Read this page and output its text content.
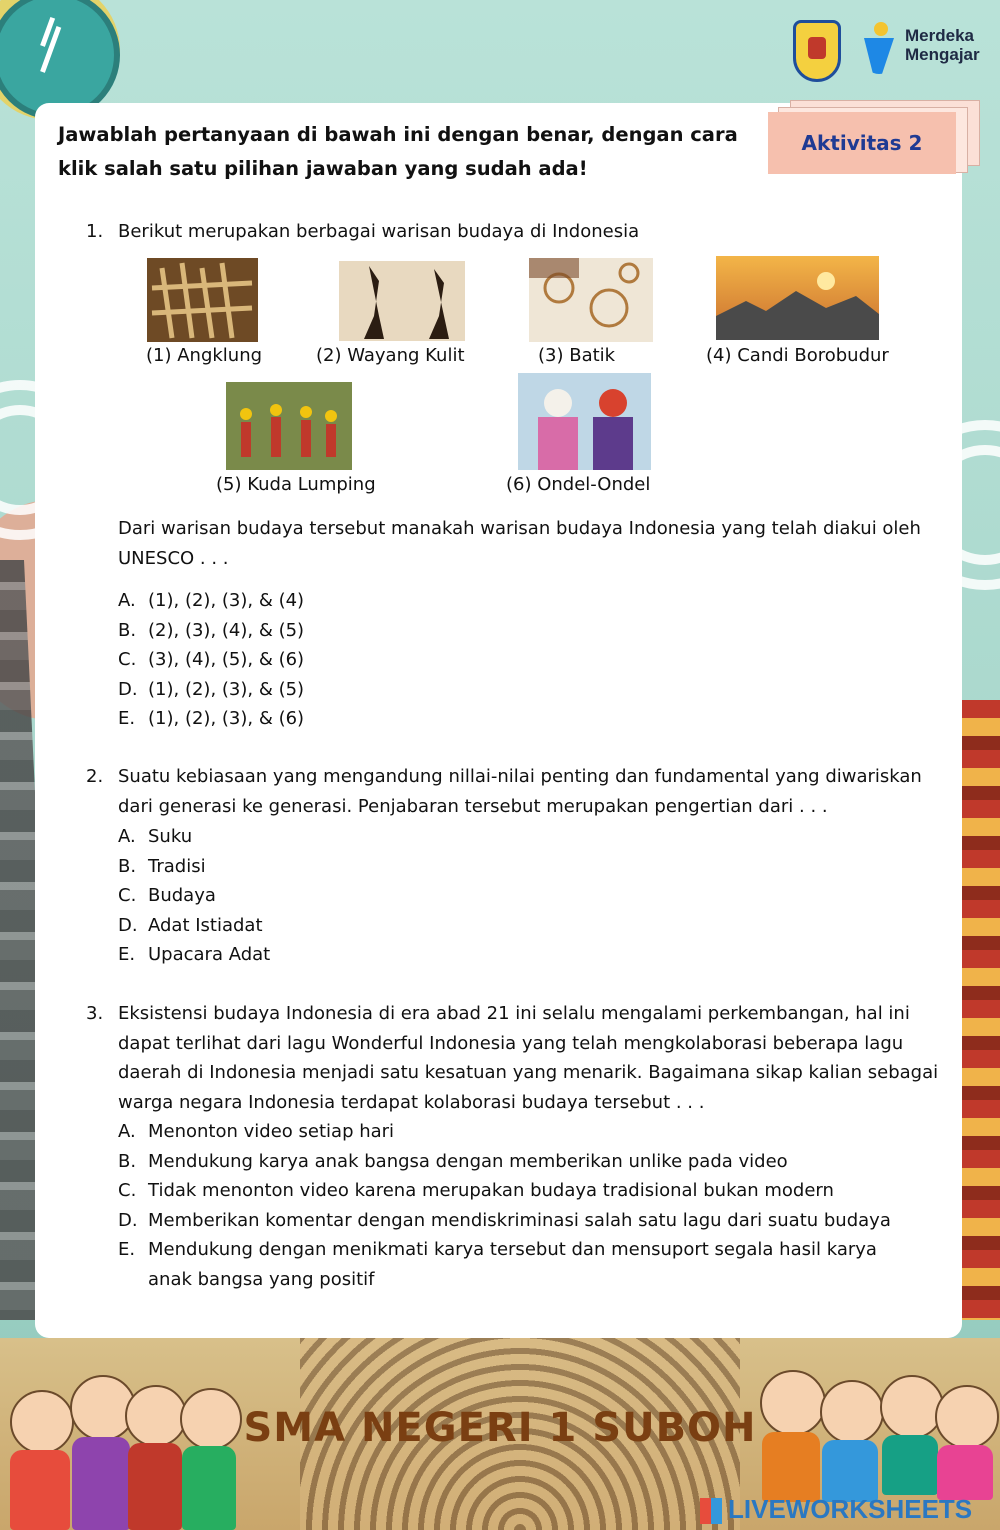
Merdeka
Mengajar
Aktivitas 2
Jawablah pertanyaan di bawah ini dengan benar, dengan cara klik salah satu pilihan jawaban yang sudah ada!
1. Berikut merupakan berbagai warisan budaya di Indonesia
(1) Angklung	(2) Wayang Kulit	(3) Batik	(4) Candi Borobudur
(5) Kuda Lumping	(6) Ondel-Ondel
Dari warisan budaya tersebut manakah warisan budaya Indonesia yang telah diakui oleh UNESCO . . .
A. (1), (2), (3), & (4)
B. (2), (3), (4), & (5)
C. (3), (4), (5), & (6)
D. (1), (2), (3), & (5)
E. (1), (2), (3), & (6)
2. Suatu kebiasaan yang mengandung nillai-nilai penting dan fundamental yang diwariskan dari generasi ke generasi. Penjabaran tersebut merupakan pengertian dari . . .
A. Suku
B. Tradisi
C. Budaya
D. Adat Istiadat
E. Upacara Adat
3. Eksistensi budaya Indonesia di era abad 21 ini selalu mengalami perkembangan, hal ini dapat terlihat dari lagu Wonderful Indonesia yang telah mengkolaborasi beberapa lagu daerah di Indonesia menjadi satu kesatuan yang menarik. Bagaimana sikap kalian sebagai warga negara Indonesia terdapat kolaborasi budaya tersebut . . .
A. Menonton video setiap hari
B. Mendukung karya anak bangsa dengan memberikan unlike pada video
C. Tidak menonton video karena merupakan budaya tradisional bukan modern
D. Memberikan komentar dengan mendiskriminasi salah satu lagu dari suatu budaya
E. Mendukung dengan menikmati karya tersebut dan mensuport segala hasil karya anak bangsa yang positif
SMA NEGERI 1 SUBOH
LIVEWORKSHEETS
